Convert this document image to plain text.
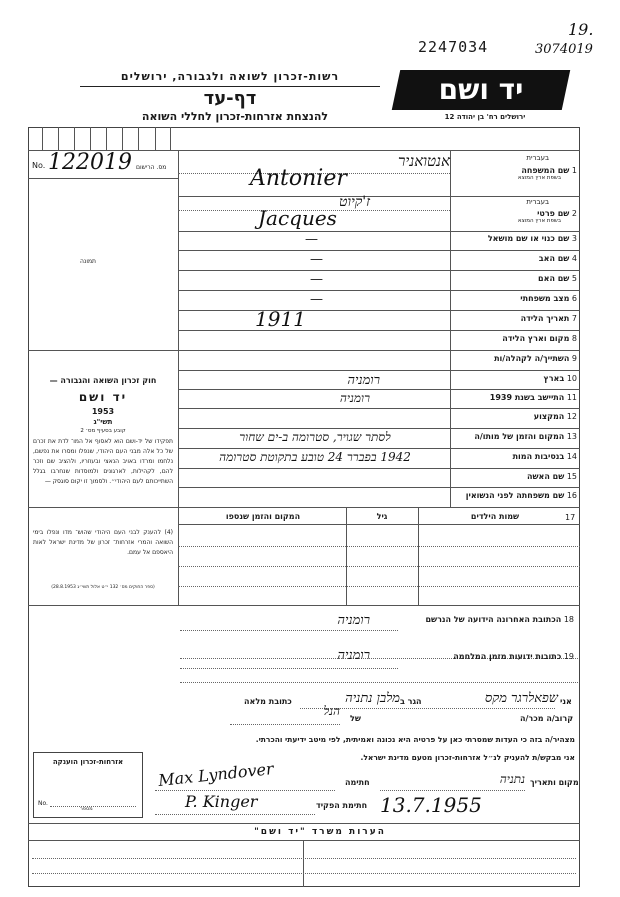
2247034
19.
3074019
רשות-זכרון לשואה ולגבורה, ירושלים	יד ושם
ירושלים רח' בן יהודה 12
דף-עד
להנצחת אזרחות-זכרון לחללי השואה
No. 122019 מס. הרישום
תמונה
חוק זכרון השואה והגבורה —
יד ושם
1953
תשי"ג
קובע בסעיף מס׳ 2
תפקידו של יד-ושם הוא לאסוף אל המו־ לדת את זכרם של כל אלה מבני העם היהודי, שנפלו ומסרו את נפשם, נלחמו ומרדו באויב הנאצי ובעוזריו, ולהציב שם וזכר להם, לקהילות, לארגונים ולמוסדות שנחרבו בגלל השתייכותם לעם היהודי״. ולסמוך זו יקוּם סוגסק —
(4) להענק לבני העם היהודי שהוש־ מדו ונפלו בימי השואה והמרי אזרחות־ זכרון של מדינת ישראל לאות היאספם אל עמם.
(ספר החוקים מס׳ 132 י״ט אלול תשי״ג 28.8.1953)
בעברית
1 שם המשפחה
בשפת ארץ המוצא
אנטואניר
Antonier
בעברית
2 שם פרטי
בשפת ארץ המוצא
ז'קיוט
Jacques
3 שם כנוי או שם מושאל
4 שם האב
5 שם האם
6 מצב משפחתי
7 תאריך הלידה
8 מקום וארץ הלידה
9 השתייך/ה לקהלה/ות
10 בארץ
11 התיישב בשנת 1939
12 המקצוע
13 המקום והזמן של מותו/ה
14 בנסיבות המות
15 שם האשה
16 שם משפחתה לפני הנשואין
—
—
—
—
1911
רומניה
רומניה
לסתר שגויר, סטרומה ב-ים שחור
1942 בפברר 24 טובע בתקוטת סטרומה
17
שמות הילדים
גיל
המקום והזמן שנספו
18 הכתובת האחרונה הידועה של הנרשם
רומניה
19 כתובות ידועות מזמן המלחמה
רומניה
אני
שפאלרגר מקס
הגר ב
מלבן נתניה
כתובת מלאה
קרוב/ה מכר/ה
של
הנל
מצהיר/ה בזה כי העדות שמסרתי כאן על פרטיה היא נכונה ואמיתית, לפי מיטב ידיעתי והכרתי.
אני מבקש/ת להעניק לנ״ל אזרחות-זכרון מטעם מדינת ישראל.
אזרחות-זכרון הוענקה
No.
מספר
מקום ותאריך
נתניה
חתימה
Max Lyndover
חתימת הפקיד
P. Kinger	13.7.1955
הערות משרד "יד ושם"
